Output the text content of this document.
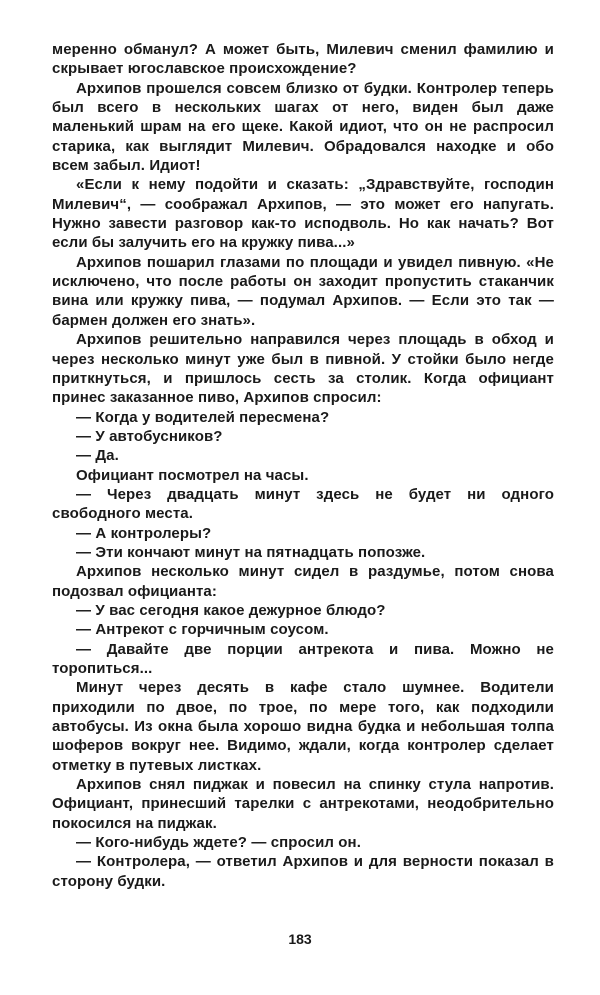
меренно обманул? А может быть, Милевич сменил фамилию и скрывает югославское происхождение?

Архипов прошелся совсем близко от будки. Контролер теперь был всего в нескольких шагах от него, виден был даже маленький шрам на его щеке. Какой идиот, что он не распросил старика, как выглядит Милевич. Обрадовался находке и обо всем забыл. Идиот!

«Если к нему подойти и сказать: „Здравствуйте, господин Милевич“, — соображал Архипов, — это может его напугать. Нужно завести разговор как-то исподволь. Но как начать? Вот если бы залучить его на кружку пива...»

Архипов пошарил глазами по площади и увидел пивную. «Не исключено, что после работы он заходит пропустить стаканчик вина или кружку пива, — подумал Архипов. — Если это так — бармен должен его знать».

Архипов решительно направился через площадь в обход и через несколько минут уже был в пивной. У стойки было негде приткнуться, и пришлось сесть за столик. Когда официант принес заказанное пиво, Архипов спросил:

— Когда у водителей пересмена?

— У автобусников?

— Да.

Официант посмотрел на часы.

— Через двадцать минут здесь не будет ни одного свободного места.

— А контролеры?

— Эти кончают минут на пятнадцать попозже.

Архипов несколько минут сидел в раздумье, потом снова подозвал официанта:

— У вас сегодня какое дежурное блюдо?

— Антрекот с горчичным соусом.

— Давайте две порции антрекота и пива. Можно не торопиться...

Минут через десять в кафе стало шумнее. Водители приходили по двое, по трое, по мере того, как подходили автобусы. Из окна была хорошо видна будка и небольшая толпа шоферов вокруг нее. Видимо, ждали, когда контролер сделает отметку в путевых листках.

Архипов снял пиджак и повесил на спинку стула напротив. Официант, принесший тарелки с антрекотами, неодобрительно покосился на пиджак.

— Кого-нибудь ждете? — спросил он.

— Контролера, — ответил Архипов и для верности показал в сторону будки.

183
